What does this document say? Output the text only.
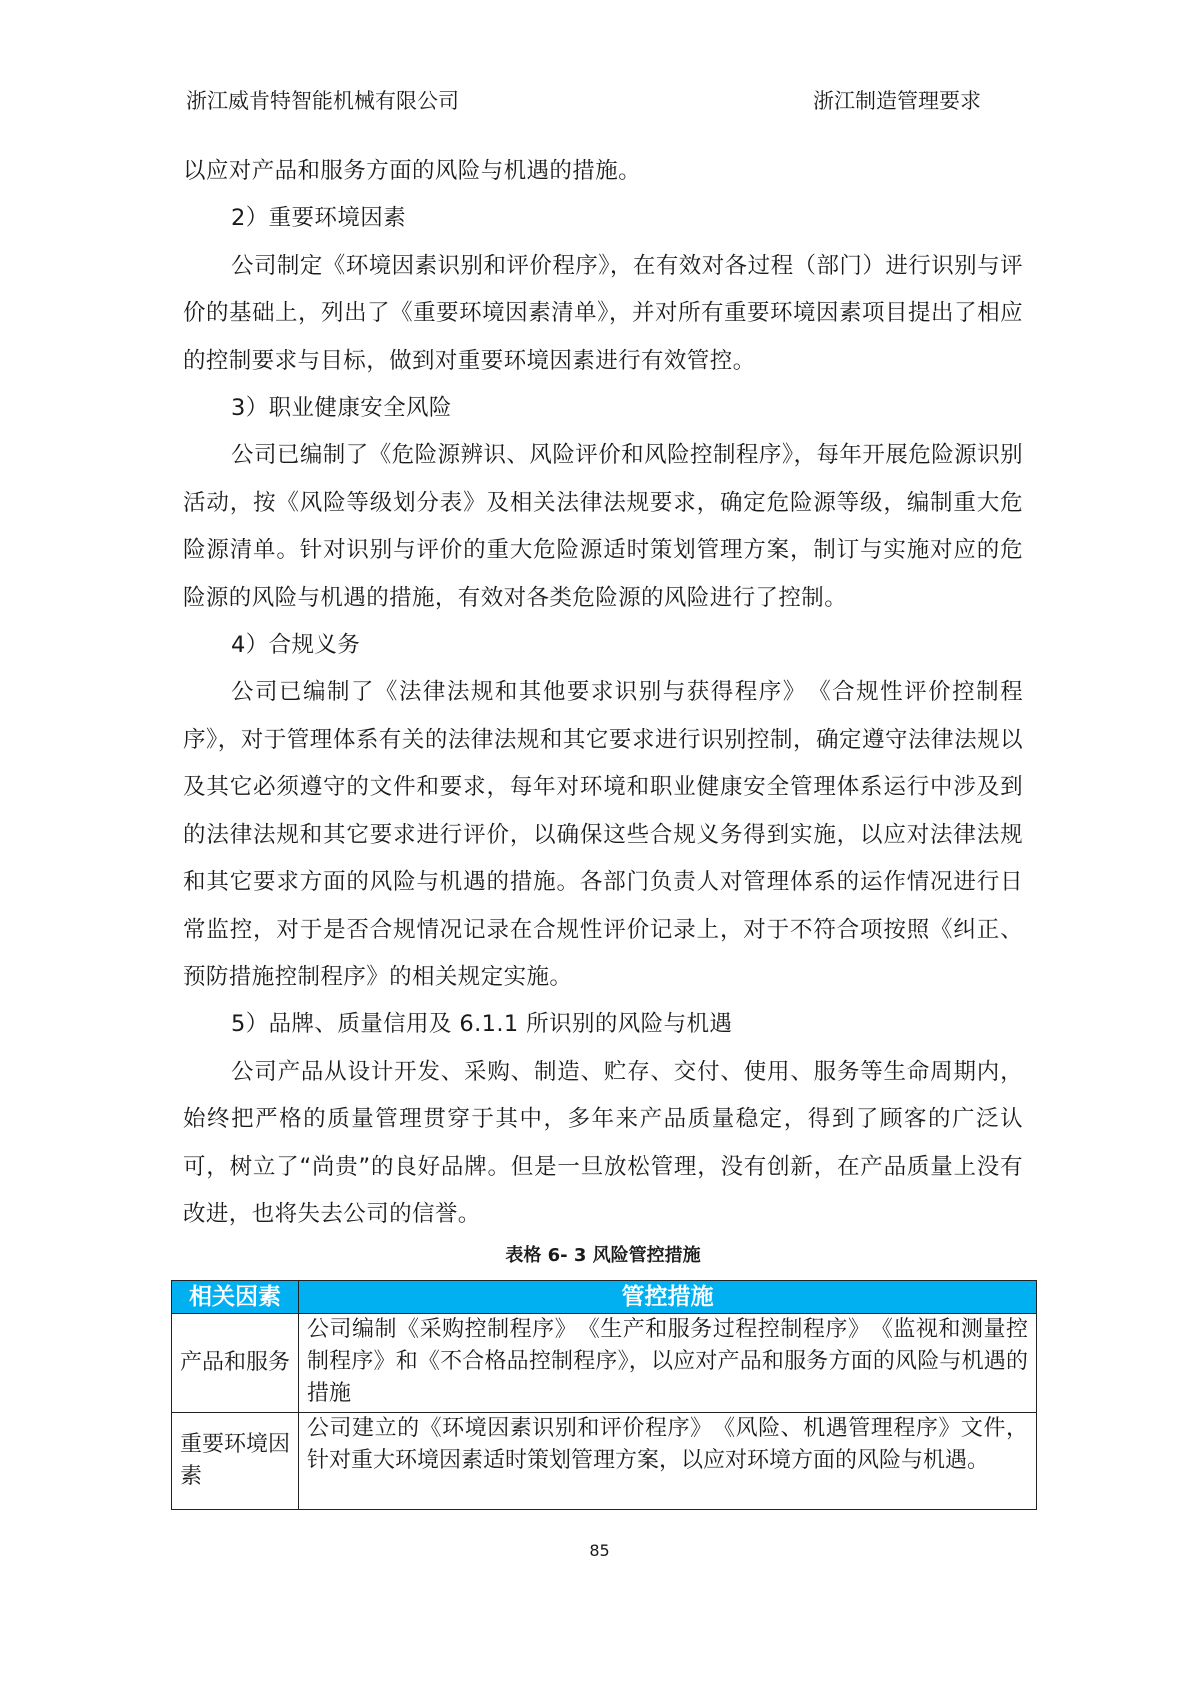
浙江威肯特智能机械有限公司	浙江制造管理要求

以应对产品和服务方面的风险与机遇的措施。

2）重要环境因素

公司制定《环境因素识别和评价程序》，在有效对各过程（部门）进行识别与评价的基础上，列出了《重要环境因素清单》，并对所有重要环境因素项目提出了相应的控制要求与目标，做到对重要环境因素进行有效管控。

3）职业健康安全风险

公司已编制了《危险源辨识、风险评价和风险控制程序》，每年开展危险源识别活动，按《风险等级划分表》及相关法律法规要求，确定危险源等级，编制重大危险源清单。针对识别与评价的重大危险源适时策划管理方案，制订与实施对应的危险源的风险与机遇的措施，有效对各类危险源的风险进行了控制。

4）合规义务

公司已编制了《法律法规和其他要求识别与获得程序》　《合规性评价控制程序》，对于管理体系有关的法律法规和其它要求进行识别控制，确定遵守法律法规以及其它必须遵守的文件和要求，每年对环境和职业健康安全管理体系运行中涉及到的法律法规和其它要求进行评价，以确保这些合规义务得到实施，以应对法律法规和其它要求方面的风险与机遇的措施。各部门负责人对管理体系的运作情况进行日常监控，对于是否合规情况记录在合规性评价记录上，对于不符合项按照《纠正、预防措施控制程序》的相关规定实施。

5）品牌、质量信用及 6.1.1 所识别的风险与机遇

公司产品从设计开发、采购、制造、贮存、交付、使用、服务等生命周期内，始终把严格的质量管理贯穿于其中，多年来产品质量稳定，得到了顾客的广泛认可，树立了“尚贵”的良好品牌。但是一旦放松管理，没有创新，在产品质量上没有改进，也将失去公司的信誉。

表格 6- 3 风险管控措施
相关因素	管控措施
产品和服务	公司编制《采购控制程序》　《生产和服务过程控制程序》　《监视和测量控制程序》和《不合格品控制程序》，以应对产品和服务方面的风险与机遇的措施
重要环境因素	公司建立的《环境因素识别和评价程序》　《风险、机遇管理程序》文件，针对重大环境因素适时策划管理方案，以应对环境方面的风险与机遇。
85
